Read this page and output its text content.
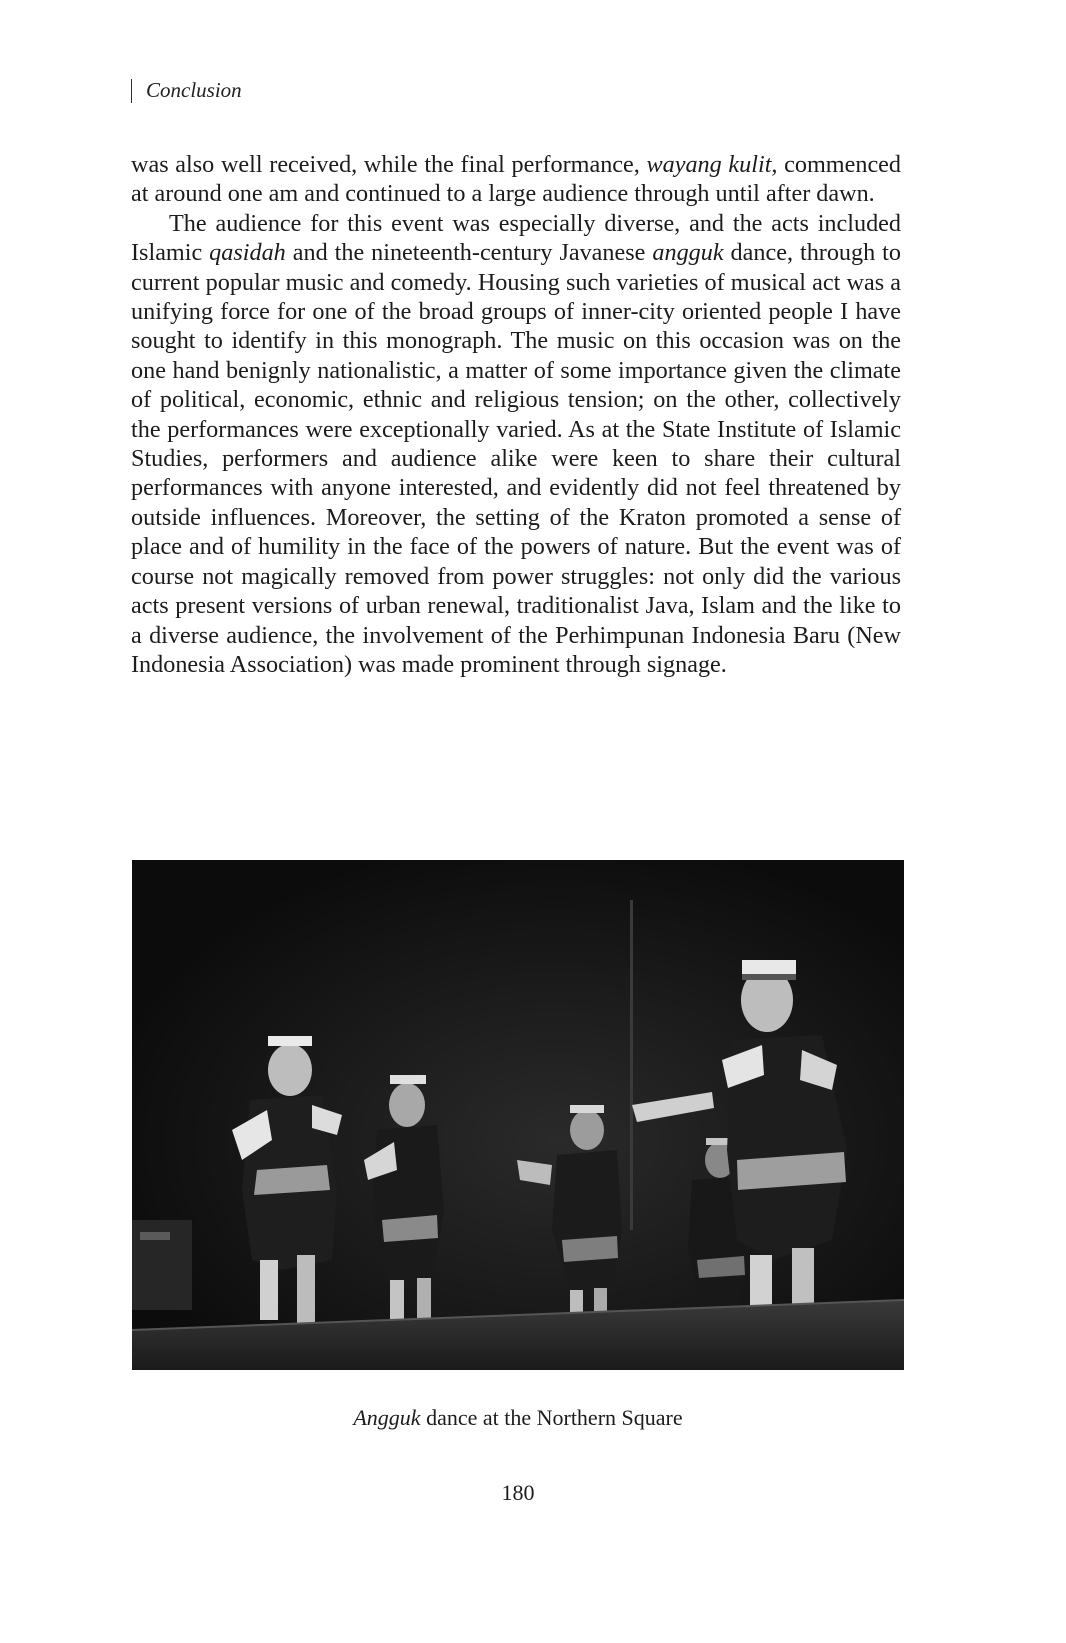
Conclusion

was also well received, while the final performance, wayang kulit, commenced at around one am and continued to a large audience through until after dawn.

The audience for this event was especially diverse, and the acts included Islamic qasidah and the nineteenth-century Javanese angguk dance, through to current popular music and comedy. Housing such varieties of musical act was a unifying force for one of the broad groups of inner-city oriented people I have sought to identify in this monograph. The music on this occasion was on the one hand benignly nationalistic, a matter of some importance given the climate of political, economic, ethnic and religious tension; on the other, collectively the performances were exceptionally varied. As at the State Institute of Islamic Studies, performers and audience alike were keen to share their cultural performances with anyone interested, and evidently did not feel threatened by outside influences. Moreover, the setting of the Kraton promoted a sense of place and of humility in the face of the powers of nature. But the event was of course not magically removed from power struggles: not only did the various acts present versions of urban renewal, traditionalist Java, Islam and the like to a diverse audience, the involvement of the Perhimpunan Indonesia Baru (New Indonesia Association) was made prominent through signage.

Angguk dance at the Northern Square
180
